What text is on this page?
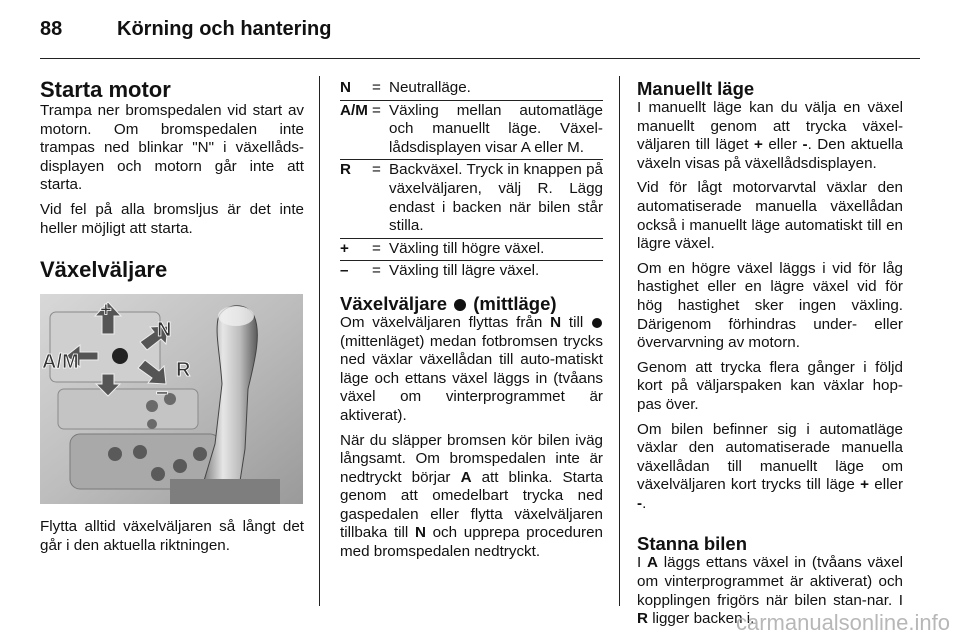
88	Körning och hantering
Starta motor

Trampa ner bromspedalen vid start av motorn. Om bromspedalen inte trampas ned blinkar "N" i växellåds-displayen och motorn går inte att starta.

Vid fel på alla bromsljus är det inte heller möjligt att starta.

Växelväljare
+
N
A/M	R
–

Flytta alltid växelväljaren så långt det går i den aktuella riktningen.

N	= Neutralläge.
A/M = Växling mellan automatläge och manuellt läge. Växel-lådsdisplayen visar A eller M.
R	= Backväxel. Tryck in knappen på växelväljaren, välj R. Lägg endast i backen när bilen står stilla.
+	= Växling till högre växel.
–	= Växling till lägre växel.
Växelväljare (mittläge)

Om växelväljaren flyttas från N till  (mittenläget) medan fotbromsen trycks ned växlar växellådan till auto-matiskt läge och ettans växel läggs in (tvåans växel om vinterprogrammet är aktiverat).

När du släpper bromsen kör bilen iväg långsamt. Om bromspedalen inte är nedtryckt börjar A att blinka. Starta genom att omedelbart trycka ned gaspedalen eller flytta växelväljaren tillbaka till N och upprepa proceduren med bromspedalen nedtryckt.

Manuellt läge

I manuellt läge kan du välja en växel manuellt genom att trycka växel-väljaren till läget + eller -. Den aktuella växeln visas på växellådsdisplayen.

Vid för lågt motorvarvtal växlar den automatiserade manuella växellådan också i manuellt läge automatiskt till en lägre växel.

Om en högre växel läggs i vid för låg hastighet eller en lägre växel vid för hög hastighet sker ingen växling. Därigenom förhindras under- eller övervarvning av motorn.

Genom att trycka flera gånger i följd kort på väljarspaken kan växlar hop-pas över.

Om bilen befinner sig i automatläge växlar den automatiserade manuella växellådan till manuellt läge om växelväljaren kort trycks till läge + eller -.

Stanna bilen

I A läggs ettans växel in (tvåans växel om vinterprogrammet är aktiverat) och kopplingen frigörs när bilen stan-nar. I R ligger backen i.

carmanualsonline.info
